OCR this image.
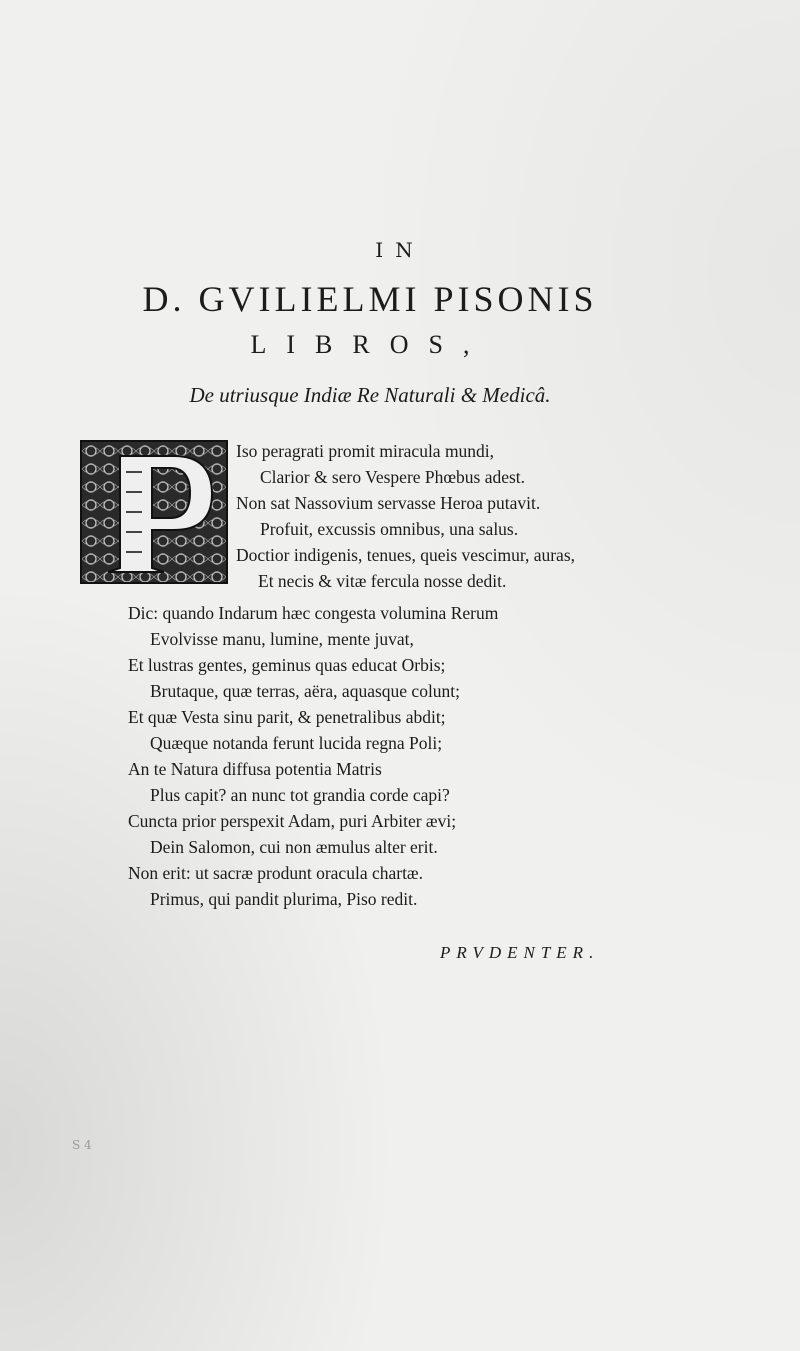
IN
D. GVILIELMI PISONIS
LIBROS,
De utriusque Indiæ Re Naturali & Medicâ.
Iso peragrati promit miracula mundi,
Clarior & sero Vespere Phœbus adest.
Non sat Nassovium servasse Heroa putavit.
Profuit, excussis omnibus, una salus.
Doctior indigenis, tenues, queis vescimur, auras,
Et necis & vitæ fercula nosse dedit.
Dic: quando Indarum hæc congesta volumina Rerum
Evolvisse manu, lumine, mente juvat,
Et lustras gentes, geminus quas educat Orbis;
Brutaque, quæ terras, aëra, aquasque colunt;
Et quæ Vesta sinu parit, & penetralibus abdit;
Quæque notanda ferunt lucida regna Poli;
An te Natura diffusa potentia Matris
Plus capit? an nunc tot grandia corde capi?
Cuncta prior perspexit Adam, puri Arbiter ævi;
Dein Salomon, cui non æmulus alter erit.
Non erit: ut sacræ produnt oracula chartæ.
Primus, qui pandit plurima, Piso redit.
PRVDENTER.
S 4
